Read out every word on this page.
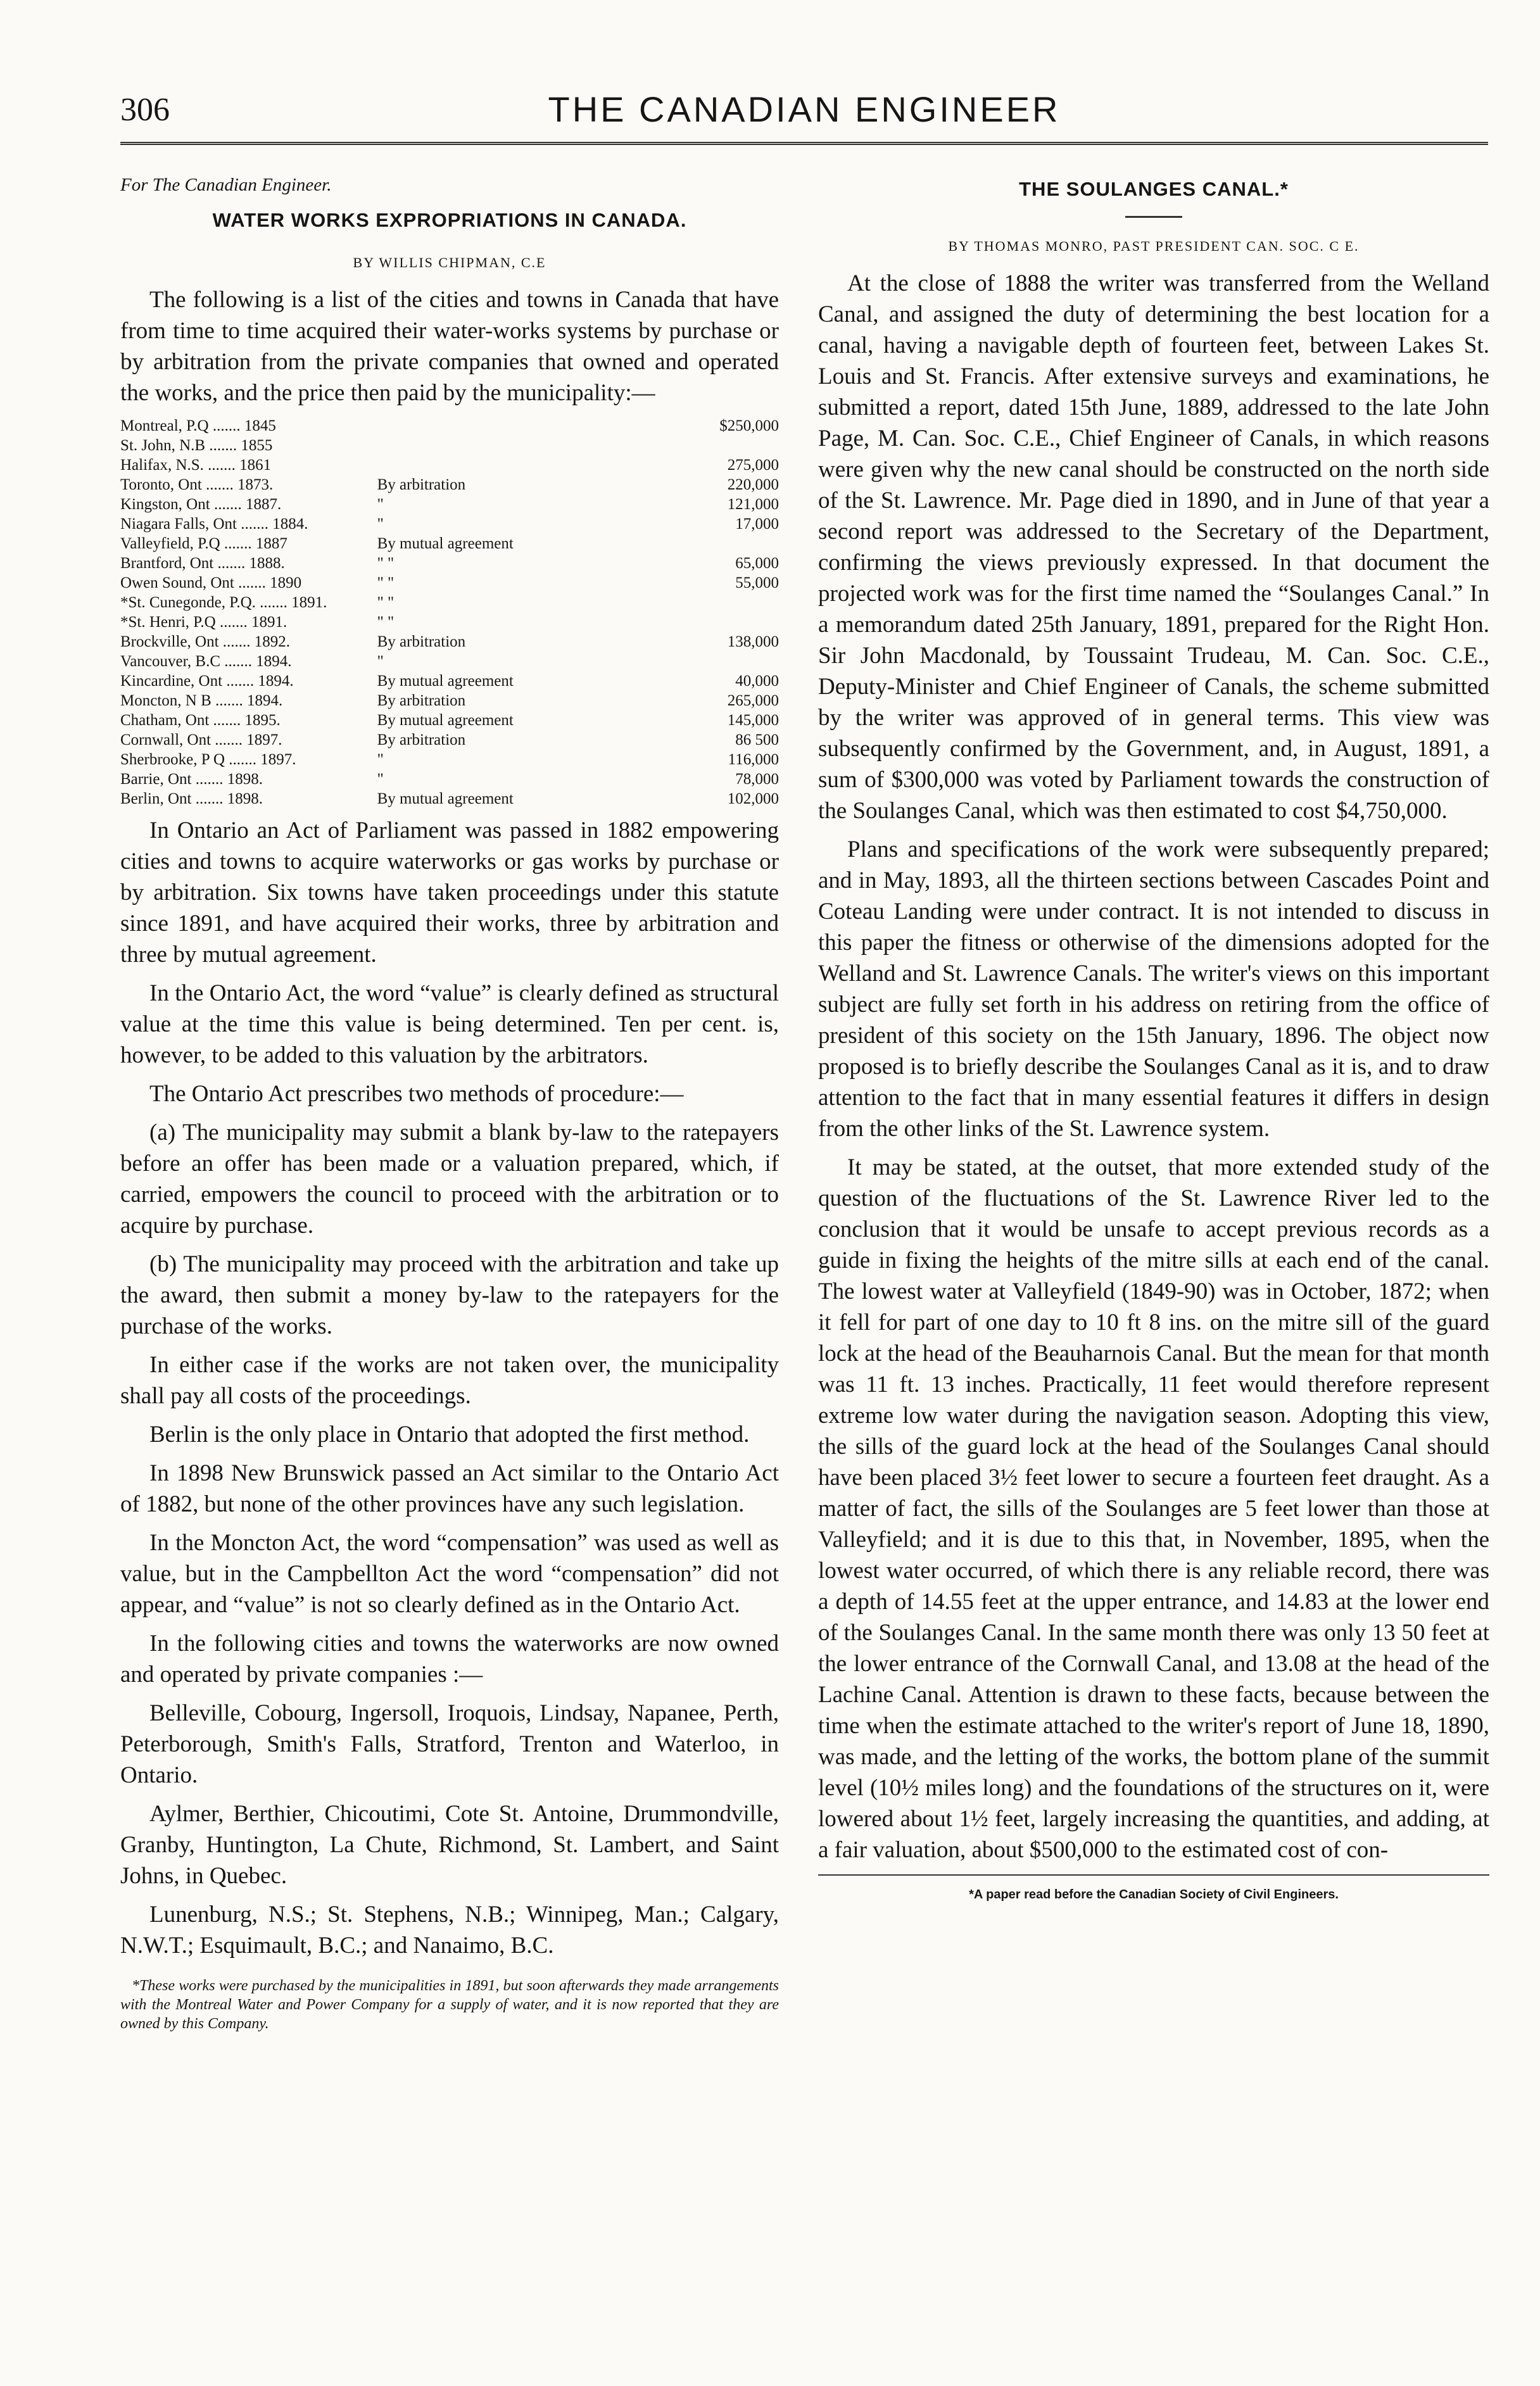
306	THE CANADIAN ENGINEER
For The Canadian Engineer.
WATER WORKS EXPROPRIATIONS IN CANADA.
BY WILLIS CHIPMAN, C.E

The following is a list of the cities and towns in Canada that have from time to time acquired their water-works systems by purchase or by arbitration from the private companies that owned and operated the works, and the price then paid by the municipality:—

Montreal, P.Q ....... 1845		$250,000
St. John, N.B ....... 1855		
Halifax, N.S. ....... 1861		275,000
Toronto, Ont ....... 1873.	By arbitration	220,000
Kingston, Ont ....... 1887.	"	121,000
Niagara Falls, Ont ....... 1884.	"	17,000
Valleyfield, P.Q ....... 1887	By mutual agreement	
Brantford, Ont ....... 1888.	" "	65,000
Owen Sound, Ont ....... 1890	" "	55,000
*St. Cunegonde, P.Q. ....... 1891.	" "	
*St. Henri, P.Q ....... 1891.	" "	
Brockville, Ont ....... 1892.	By arbitration	138,000
Vancouver, B.C ....... 1894.	"	
Kincardine, Ont ....... 1894.	By mutual agreement	40,000
Moncton, N B ....... 1894.	By arbitration	265,000
Chatham, Ont ....... 1895.	By mutual agreement	145,000
Cornwall, Ont ....... 1897.	By arbitration	86 500
Sherbrooke, P Q ....... 1897.	"	116,000
Barrie, Ont ....... 1898.	"	78,000
Berlin, Ont ....... 1898.	By mutual agreement	102,000

In Ontario an Act of Parliament was passed in 1882 empowering cities and towns to acquire waterworks or gas works by purchase or by arbitration. Six towns have taken proceedings under this statute since 1891, and have acquired their works, three by arbitration and three by mutual agreement.

In the Ontario Act, the word “value” is clearly defined as structural value at the time this value is being determined. Ten per cent. is, however, to be added to this valuation by the arbitrators.

The Ontario Act prescribes two methods of procedure:—

(a) The municipality may submit a blank by-law to the ratepayers before an offer has been made or a valuation prepared, which, if carried, empowers the council to proceed with the arbitration or to acquire by purchase.

(b) The municipality may proceed with the arbitration and take up the award, then submit a money by-law to the ratepayers for the purchase of the works.

In either case if the works are not taken over, the municipality shall pay all costs of the proceedings.

Berlin is the only place in Ontario that adopted the first method.

In 1898 New Brunswick passed an Act similar to the Ontario Act of 1882, but none of the other provinces have any such legislation.

In the Moncton Act, the word “compensation” was used as well as value, but in the Campbellton Act the word “compensation” did not appear, and “value” is not so clearly defined as in the Ontario Act.

In the following cities and towns the waterworks are now owned and operated by private companies :—

Belleville, Cobourg, Ingersoll, Iroquois, Lindsay, Napanee, Perth, Peterborough, Smith's Falls, Stratford, Trenton and Waterloo, in Ontario.

Aylmer, Berthier, Chicoutimi, Cote St. Antoine, Drummondville, Granby, Huntington, La Chute, Richmond, St. Lambert, and Saint Johns, in Quebec.

Lunenburg, N.S.; St. Stephens, N.B.; Winnipeg, Man.; Calgary, N.W.T.; Esquimault, B.C.; and Nanaimo, B.C.

*These works were purchased by the municipalities in 1891, but soon afterwards they made arrangements with the Montreal Water and Power Company for a supply of water, and it is now reported that they are owned by this Company.
THE SOULANGES CANAL.*
BY THOMAS MONRO, PAST PRESIDENT CAN. SOC. C E.

At the close of 1888 the writer was transferred from the Welland Canal, and assigned the duty of determining the best location for a canal, having a navigable depth of fourteen feet, between Lakes St. Louis and St. Francis. After extensive surveys and examinations, he submitted a report, dated 15th June, 1889, addressed to the late John Page, M. Can. Soc. C.E., Chief Engineer of Canals, in which reasons were given why the new canal should be constructed on the north side of the St. Lawrence. Mr. Page died in 1890, and in June of that year a second report was addressed to the Secretary of the Department, confirming the views previously expressed. In that document the projected work was for the first time named the “Soulanges Canal.” In a memorandum dated 25th January, 1891, prepared for the Right Hon. Sir John Macdonald, by Toussaint Trudeau, M. Can. Soc. C.E., Deputy-Minister and Chief Engineer of Canals, the scheme submitted by the writer was approved of in general terms. This view was subsequently confirmed by the Government, and, in August, 1891, a sum of $300,000 was voted by Parliament towards the construction of the Soulanges Canal, which was then estimated to cost $4,750,000.

Plans and specifications of the work were subsequently prepared; and in May, 1893, all the thirteen sections between Cascades Point and Coteau Landing were under contract. It is not intended to discuss in this paper the fitness or otherwise of the dimensions adopted for the Welland and St. Lawrence Canals. The writer's views on this important subject are fully set forth in his address on retiring from the office of president of this society on the 15th January, 1896. The object now proposed is to briefly describe the Soulanges Canal as it is, and to draw attention to the fact that in many essential features it differs in design from the other links of the St. Lawrence system.

It may be stated, at the outset, that more extended study of the question of the fluctuations of the St. Lawrence River led to the conclusion that it would be unsafe to accept previous records as a guide in fixing the heights of the mitre sills at each end of the canal. The lowest water at Valleyfield (1849-90) was in October, 1872; when it fell for part of one day to 10 ft 8 ins. on the mitre sill of the guard lock at the head of the Beauharnois Canal. But the mean for that month was 11 ft. 13 inches. Practically, 11 feet would therefore represent extreme low water during the navigation season. Adopting this view, the sills of the guard lock at the head of the Soulanges Canal should have been placed 3½ feet lower to secure a fourteen feet draught. As a matter of fact, the sills of the Soulanges are 5 feet lower than those at Valleyfield; and it is due to this that, in November, 1895, when the lowest water occurred, of which there is any reliable record, there was a depth of 14.55 feet at the upper entrance, and 14.83 at the lower end of the Soulanges Canal. In the same month there was only 13 50 feet at the lower entrance of the Cornwall Canal, and 13.08 at the head of the Lachine Canal. Attention is drawn to these facts, because between the time when the estimate attached to the writer's report of June 18, 1890, was made, and the letting of the works, the bottom plane of the summit level (10½ miles long) and the foundations of the structures on it, were lowered about 1½ feet, largely increasing the quantities, and adding, at a fair valuation, about $500,000 to the estimated cost of con-

*A paper read before the Canadian Society of Civil Engineers.
